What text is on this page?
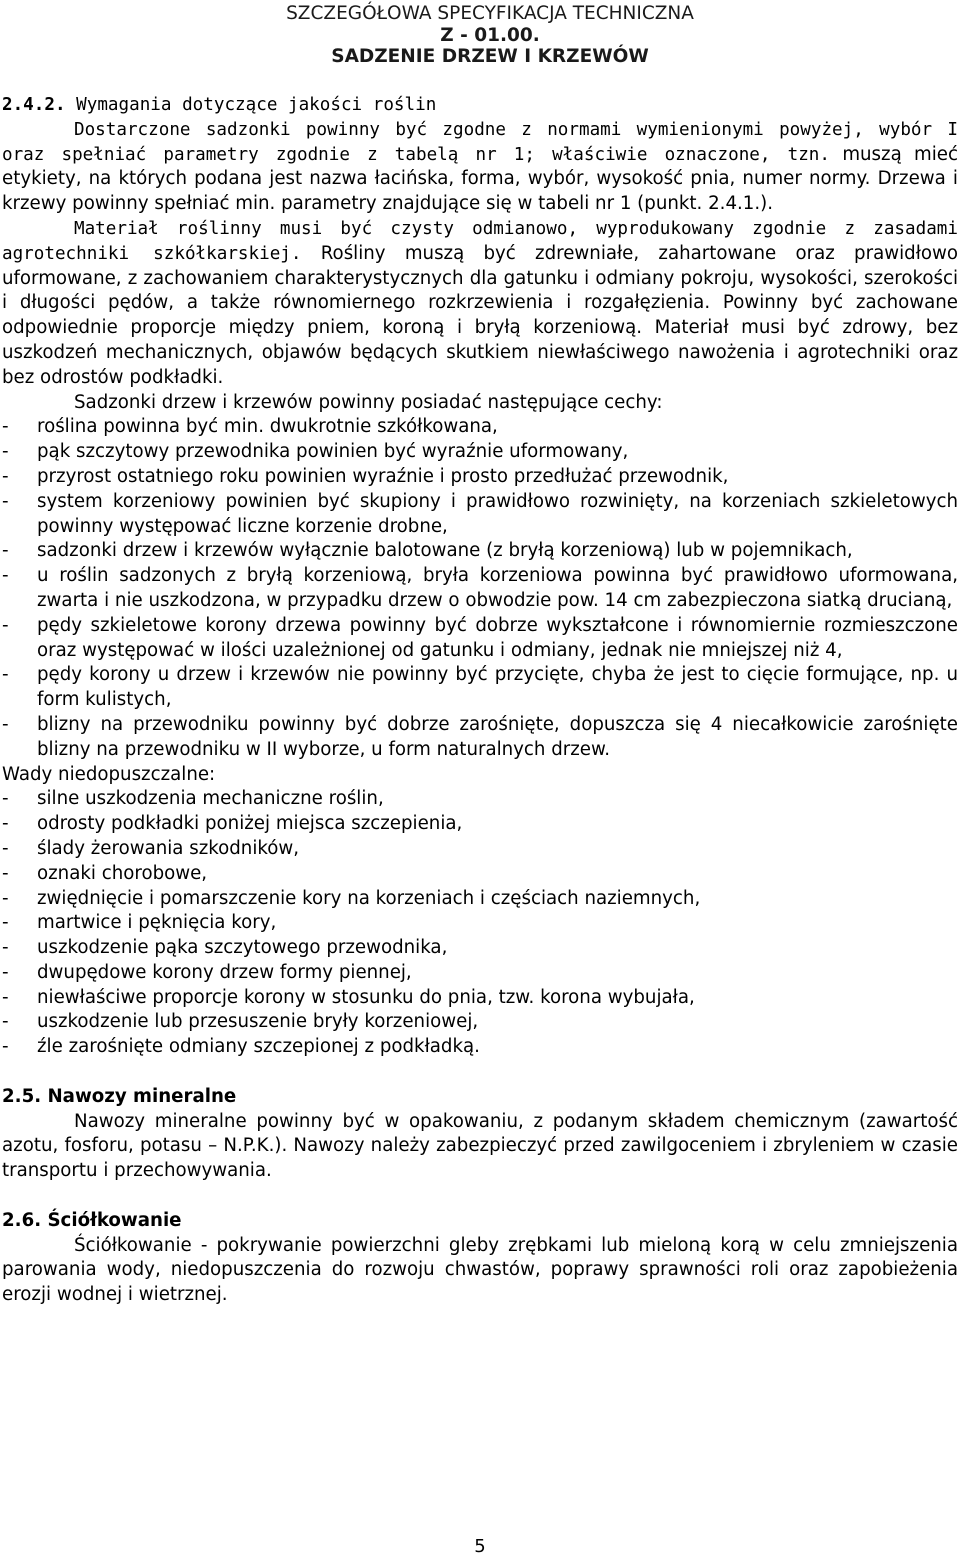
SZCZEGÓŁOWA SPECYFIKACJA TECHNICZNA
Z - 01.00.
SADZENIE DRZEW I KRZEWÓW

2.4.2. Wymagania dotyczące jakości roślin

Dostarczone sadzonki powinny być zgodne z normami wymienionymi powyżej, wybór I oraz spełniać parametry zgodnie z tabelą nr 1; właściwie oznaczone, tzn. muszą mieć etykiety, na których podana jest nazwa łacińska, forma, wybór, wysokość pnia, numer normy. Drzewa i krzewy powinny spełniać min. parametry znajdujące się w tabeli nr 1 (punkt. 2.4.1.).

Materiał roślinny musi być czysty odmianowo, wyprodukowany zgodnie z zasadami agrotechniki szkółkarskiej. Rośliny muszą być zdrewniałe, zahartowane oraz prawidłowo uformowane, z zachowaniem charakterystycznych dla gatunku i odmiany pokroju, wysokości, szerokości i długości pędów, a także równomiernego rozkrzewienia i rozgałęzienia. Powinny być zachowane odpowiednie proporcje między pniem, koroną i bryłą korzeniową. Materiał musi być zdrowy, bez uszkodzeń mechanicznych, objawów będących skutkiem niewłaściwego nawożenia i agrotechniki oraz bez odrostów podkładki.

Sadzonki drzew i krzewów powinny posiadać następujące cechy:

-	roślina powinna być min. dwukrotnie szkółkowana,
-	pąk szczytowy przewodnika powinien być wyraźnie uformowany,
-	przyrost ostatniego roku powinien wyraźnie i prosto przedłużać przewodnik,
-	system korzeniowy powinien być skupiony i prawidłowo rozwinięty, na korzeniach szkieletowych powinny występować liczne korzenie drobne,
-	sadzonki drzew i krzewów wyłącznie balotowane (z bryłą korzeniową) lub w pojemnikach,
-	u roślin sadzonych z bryłą korzeniową, bryła korzeniowa powinna być prawidłowo uformowana, zwarta i nie uszkodzona, w przypadku drzew o obwodzie pow. 14 cm zabezpieczona siatką drucianą,
-	pędy szkieletowe korony drzewa powinny być dobrze wykształcone i równomiernie rozmieszczone oraz występować w ilości uzależnionej od gatunku i odmiany, jednak nie mniejszej niż 4,
-	pędy korony u drzew i krzewów nie powinny być przycięte, chyba że jest to cięcie formujące, np. u form kulistych,
-	blizny na przewodniku powinny być dobrze zarośnięte, dopuszcza się 4 niecałkowicie zarośnięte blizny na przewodniku w II wyborze, u form naturalnych drzew.

Wady niedopuszczalne:

-	silne uszkodzenia mechaniczne roślin,
-	odrosty podkładki poniżej miejsca szczepienia,
-	ślady żerowania szkodników,
-	oznaki chorobowe,
-	zwiędnięcie i pomarszczenie kory na korzeniach i częściach naziemnych,
-	martwice i pęknięcia kory,
-	uszkodzenie pąka szczytowego przewodnika,
-	dwupędowe korony drzew formy piennej,
-	niewłaściwe proporcje korony w stosunku do pnia, tzw. korona wybujała,
-	uszkodzenie lub przesuszenie bryły korzeniowej,
-	źle zarośnięte odmiany szczepionej z podkładką.

2.5. Nawozy mineralne

Nawozy mineralne powinny być w opakowaniu, z podanym składem chemicznym (zawartość azotu, fosforu, potasu – N.P.K.). Nawozy należy zabezpieczyć przed zawilgoceniem i zbryleniem w czasie transportu i przechowywania.

2.6. Ściółkowanie

Ściółkowanie - pokrywanie powierzchni gleby zrębkami lub mieloną korą w celu zmniejszenia parowania wody, niedopuszczenia do rozwoju chwastów, poprawy sprawności roli oraz zapobieżenia erozji wodnej i wietrznej.

5
